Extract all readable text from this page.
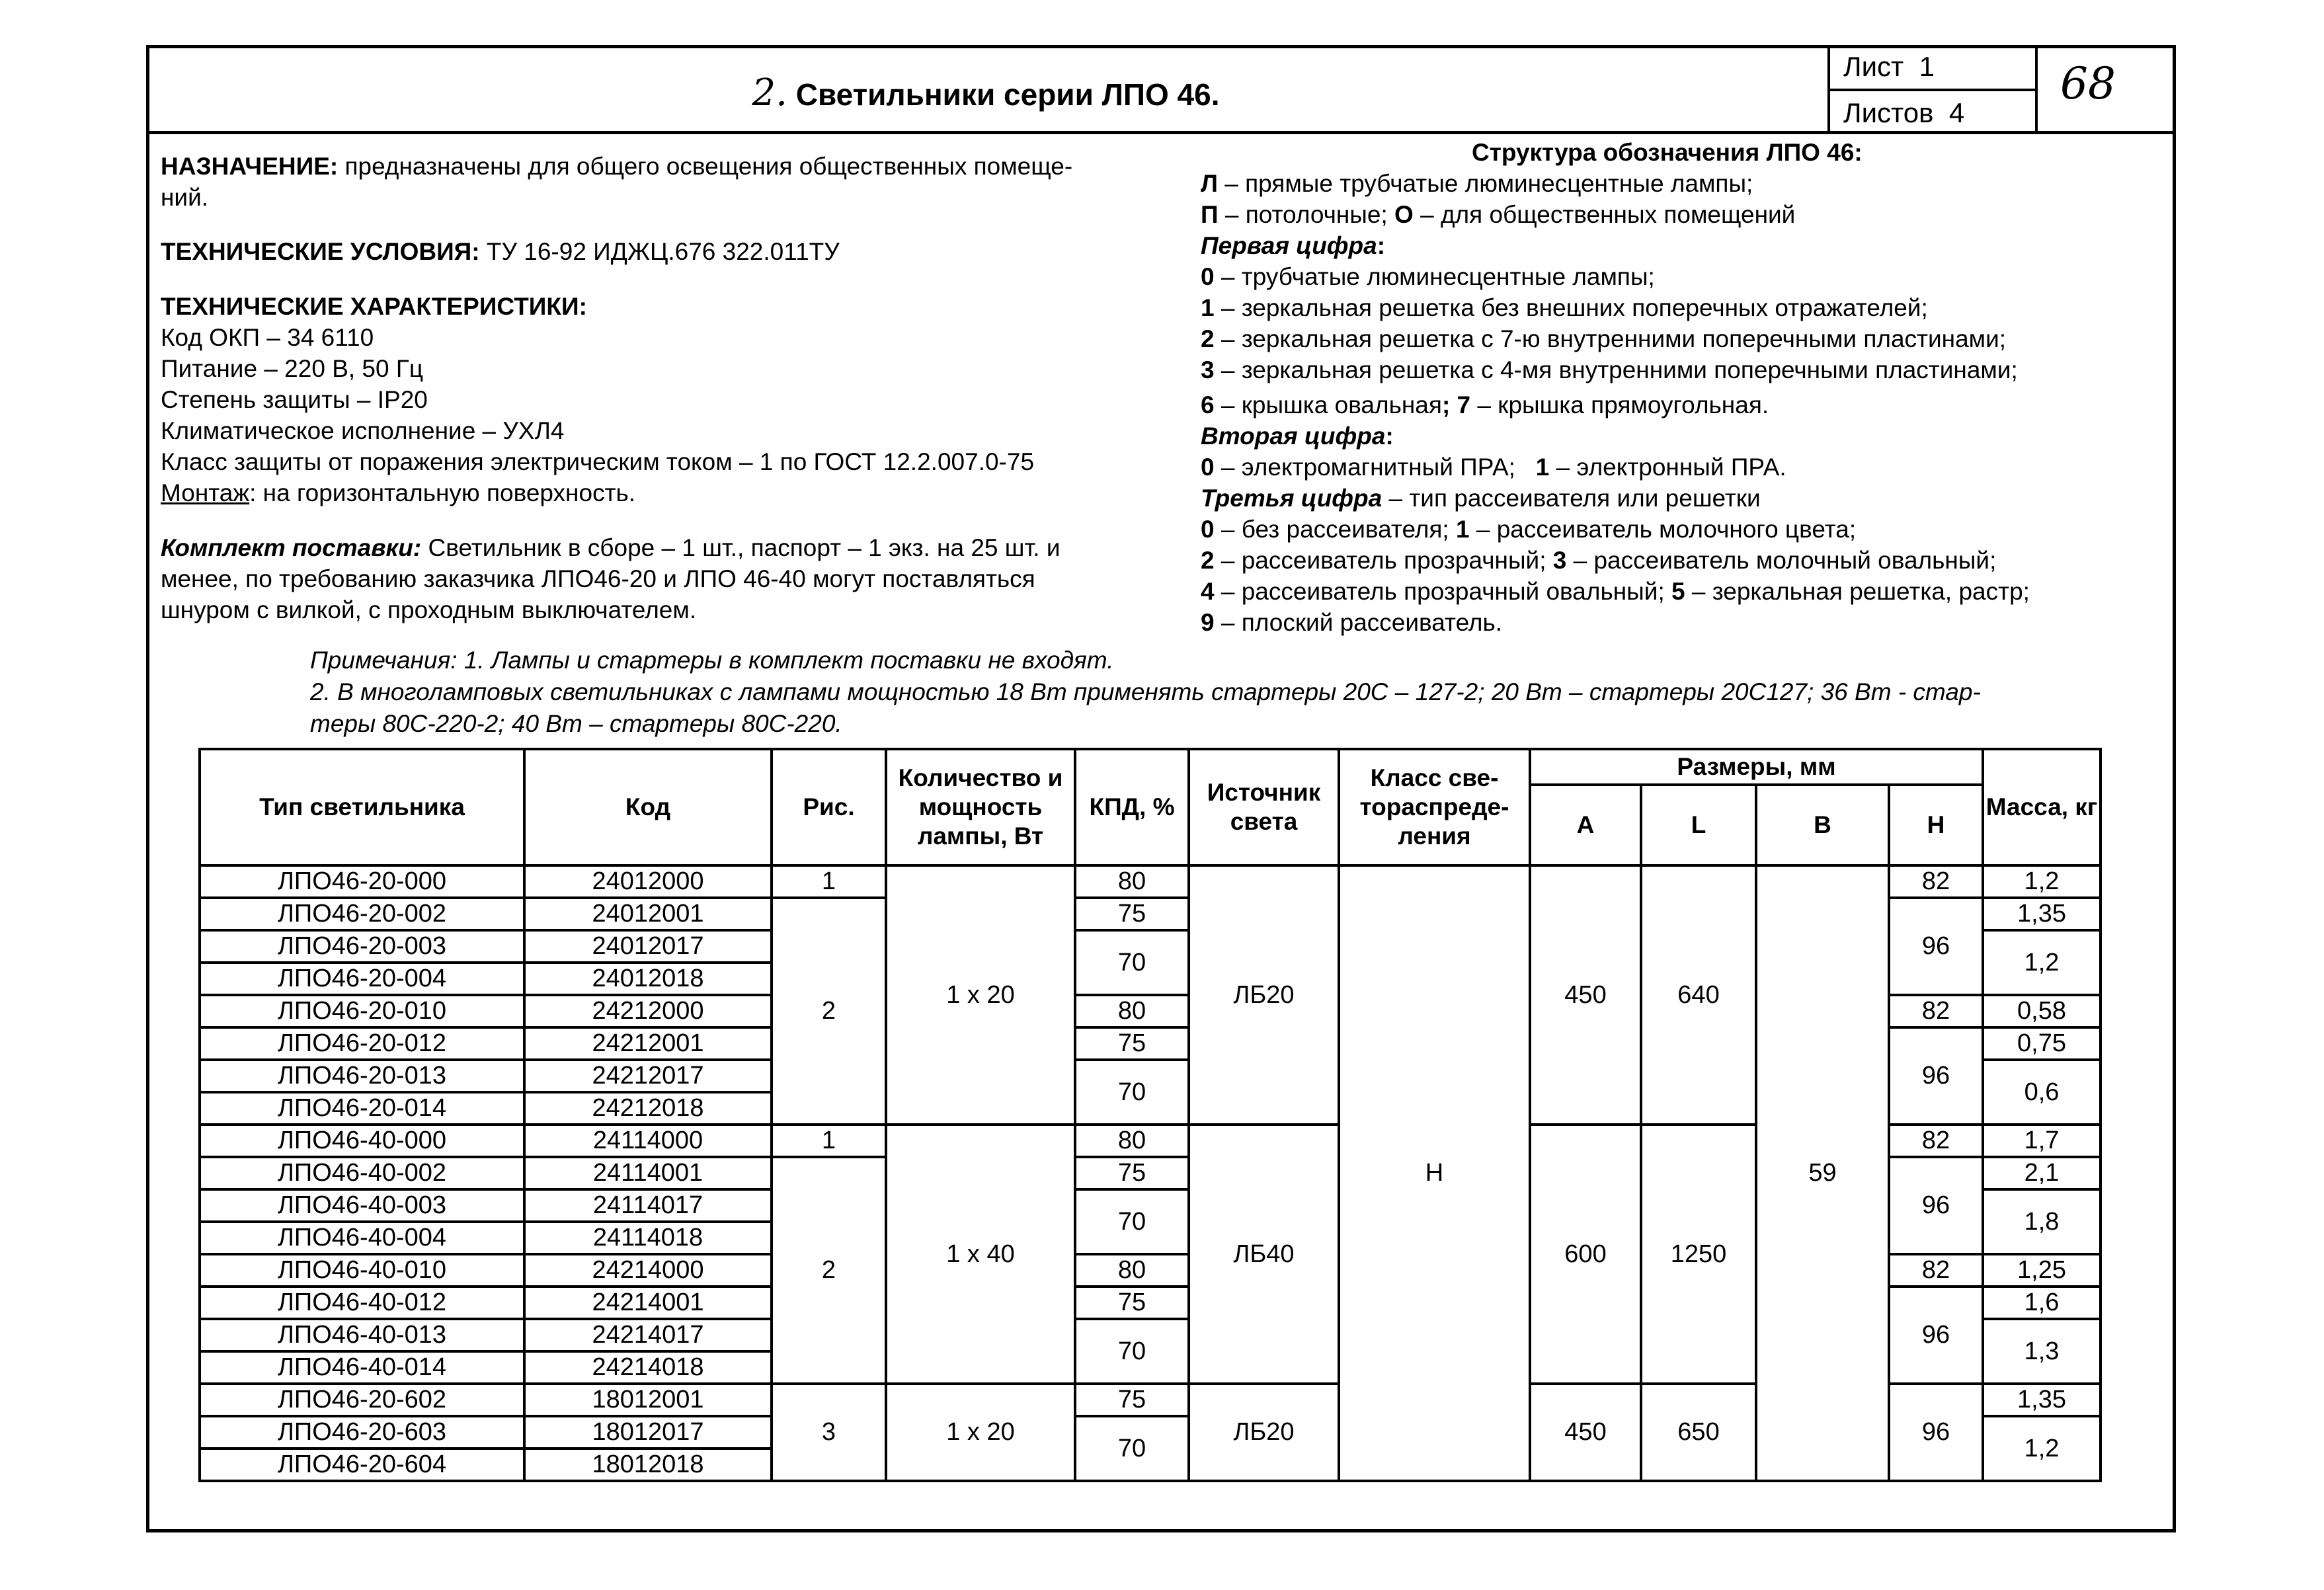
2. Светильники серии ЛПО 46.
Лист 1
Листов 4
68
НАЗНАЧЕНИЕ: предназначены для общего освещения общественных помеще-
ний.
ТЕХНИЧЕСКИЕ УСЛОВИЯ: ТУ 16-92 ИДЖЦ.676 322.011ТУ
ТЕХНИЧЕСКИЕ ХАРАКТЕРИСТИКИ:
Код ОКП – 34 6110
Питание – 220 В, 50 Гц
Степень защиты – IP20
Климатическое исполнение – УХЛ4
Класс защиты от поражения электрическим током – 1 по ГОСТ 12.2.007.0-75
Монтаж: на горизонтальную поверхность.
Комплект поставки: Светильник в сборе – 1 шт., паспорт – 1 экз. на 25 шт. и
менее, по требованию заказчика ЛПО46-20 и ЛПО 46-40 могут поставляться
шнуром с вилкой, с проходным выключателем.
Структура обозначения ЛПО 46:
Л – прямые трубчатые люминесцентные лампы;
П – потолочные; О – для общественных помещений
Первая цифра:
0 – трубчатые люминесцентные лампы;
1 – зеркальная решетка без внешних поперечных отражателей;
2 – зеркальная решетка с 7-ю внутренними поперечными пластинами;
3 – зеркальная решетка с 4-мя внутренними поперечными пластинами;
6 – крышка овальная; 7 – крышка прямоугольная.
Вторая цифра:
0 – электромагнитный ПРА;   1 – электронный ПРА.
Третья цифра – тип рассеивателя или решетки
0 – без рассеивателя; 1 – рассеиватель молочного цвета;
2 – рассеиватель прозрачный; 3 – рассеиватель молочный овальный;
4 – рассеиватель прозрачный овальный; 5 – зеркальная решетка, растр;
9 – плоский рассеиватель.
Примечания: 1. Лампы и стартеры в комплект поставки не входят.
2. В многоламповых светильниках с лампами мощностью 18 Вт применять стартеры 20С – 127-2; 20 Вт – стартеры 20С127; 36 Вт - стар-
теры 80С-220-2; 40 Вт – стартеры 80С-220.
Тип светильника	Код	Рис.	Количество и мощность лампы, Вт	КПД, %	Источник света	Класс све-тораспреде-ления	Размеры, мм				Масса, кг
							A	L	B	H	
ЛПО46-20-000	24012000	1	1 x 20	80	ЛБ20	Н	450	640	59	82	1,2
ЛПО46-20-002	24012001	2		75						96	1,35
ЛПО46-20-003	24012017			70							1,2
ЛПО46-20-004	24012018										
ЛПО46-20-010	24212000			80						82	0,58
ЛПО46-20-012	24212001			75						96	0,75
ЛПО46-20-013	24212017			70							0,6
ЛПО46-20-014	24212018										
ЛПО46-40-000	24114000	1	1 x 40	80	ЛБ40		600	1250		82	1,7
ЛПО46-40-002	24114001	2		75						96	2,1
ЛПО46-40-003	24114017			70							1,8
ЛПО46-40-004	24114018										
ЛПО46-40-010	24214000			80						82	1,25
ЛПО46-40-012	24214001			75						96	1,6
ЛПО46-40-013	24214017			70							1,3
ЛПО46-40-014	24214018										
ЛПО46-20-602	18012001	3	1 x 20	75	ЛБ20		450	650		96	1,35
ЛПО46-20-603	18012017			70							1,2
ЛПО46-20-604	18012018										
